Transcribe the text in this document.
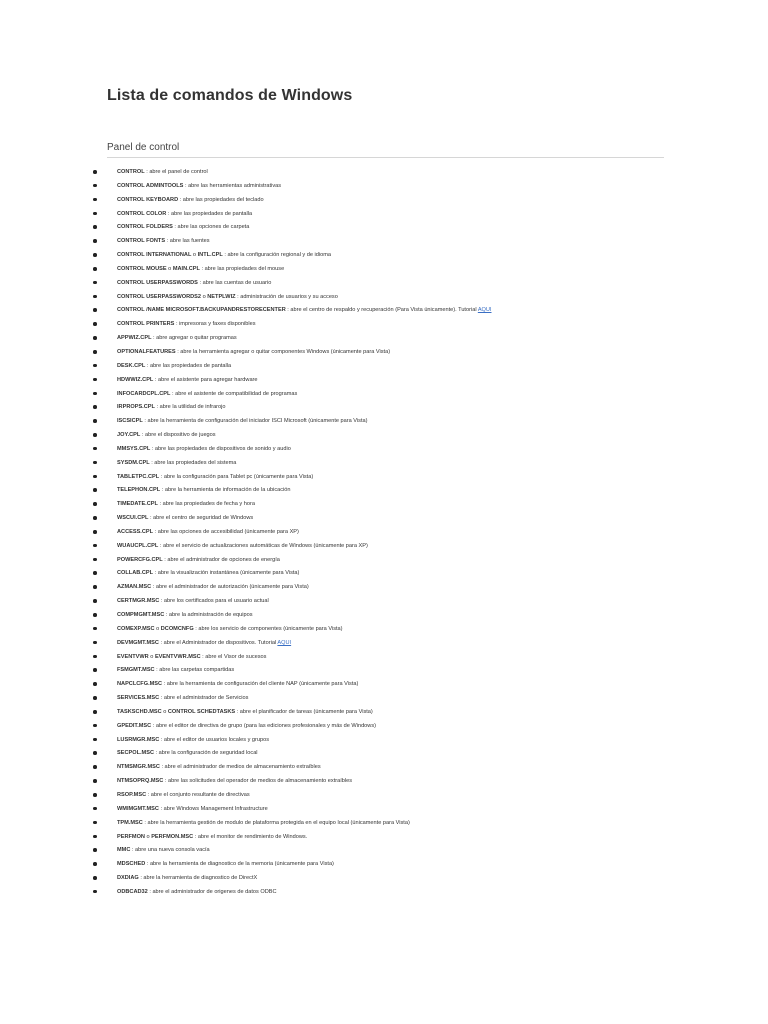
Lista de comandos de Windows
Panel de control
CONTROL : abre el panel de control
CONTROL ADMINTOOLS : abre las herramientas administrativas
CONTROL KEYBOARD : abre las propiedades del teclado
CONTROL COLOR : abre las propiedades de pantalla
CONTROL FOLDERS : abre las opciones de carpeta
CONTROL FONTS : abre las fuentes
CONTROL INTERNATIONAL o INTL.CPL : abre la configuración regional y de idioma
CONTROL MOUSE o MAIN.CPL : abre las propiedades del mouse
CONTROL USERPASSWORDS : abre las cuentas de usuario
CONTROL USERPASSWORDS2 o NETPLWIZ : administración de usuarios y su acceso
CONTROL /NAME MICROSOFT.BACKUPANDRESTORECENTER : abre el centro de respaldo y recuperación (Para Vista únicamente). Tutorial AQUI
CONTROL PRINTERS : impresoras y faxes disponibles
APPWIZ.CPL : abre agregar o quitar programas
OPTIONALFEATURES : abre la herramienta agregar o quitar componentes Windows (únicamente para Vista)
DESK.CPL : abre las propiedades de pantalla
HDWWIZ.CPL : abre el asistente para agregar hardware
INFOCARDCPL.CPL : abre el asistente de compatibilidad de programas
IRPROPS.CPL : abre la utilidad de infrarojo
ISCSICPL : abre la herramienta de configuración del iniciador ISCI Microsoft (únicamente para Vista)
JOY.CPL : abre el dispositivo de juegos
MMSYS.CPL : abre las propiedades de dispositivos de sonido y audio
SYSDM.CPL : abre las propiedades del sistema
TABLETPC.CPL : abre la configuración para Tablet pc (únicamente para Vista)
TELEPHON.CPL : abre la herramienta de información de la ubicación
TIMEDATE.CPL : abre las propiedades de fecha y hora
WSCUI.CPL : abre el centro de seguridad de Windows
ACCESS.CPL : abre las opciones de accesibilidad (únicamente para XP)
WUAUCPL.CPL : abre el servicio de actualizaciones automáticas de Windows (únicamente para XP)
POWERCFG.CPL : abre el administrador de opciones de energía
COLLAB.CPL : abre la visualización instantánea (únicamente para Vista)
AZMAN.MSC : abre el administrador de autorización (únicamente para Vista)
CERTMGR.MSC : abre los certificados para el usuario actual
COMPMGMT.MSC : abre la administración de equipos
COMEXP.MSC o DCOMCNFG : abre los servicio de componentes (únicamente para Vista)
DEVMGMT.MSC : abre el Administrador de dispositivos. Tutorial AQUI
EVENTVWR o EVENTVWR.MSC : abre el Visor de sucesos
FSMGMT.MSC : abre las carpetas compartidas
NAPCLCFG.MSC : abre la herramienta de configuración del cliente NAP (únicamente para Vista)
SERVICES.MSC : abre el administrador de Servicios
TASKSCHD.MSC o CONTROL SCHEDTASKS : abre el planificador de tareas (únicamente para Vista)
GPEDIT.MSC : abre el editor de directiva de grupo (para las ediciones profesionales y más de Windows)
LUSRMGR.MSC : abre el editor de usuarios locales y grupos
SECPOL.MSC : abre la configuración de seguridad local
NTMSMGR.MSC : abre el administrador de medios de almacenamiento extraíbles
NTMSOPRQ.MSC : abre las solicitudes del operador de medios de almacenamiento extraíbles
RSOP.MSC : abre el conjunto resultante de directivas
WMIMGMT.MSC : abre Windows Management Infrastructure
TPM.MSC : abre la herramienta gestión de modulo de plataforma protegida en el equipo local (únicamente para Vista)
PERFMON o PERFMON.MSC : abre el monitor de rendimiento de Windows.
MMC : abre una nueva consola vacía
MDSCHED : abre la herramienta de diagnostico de la memoria (únicamente para Vista)
DXDIAG : abre la herramienta de diagnostico de DirectX
ODBCAD32 : abre el administrador de origenes de datos ODBC
